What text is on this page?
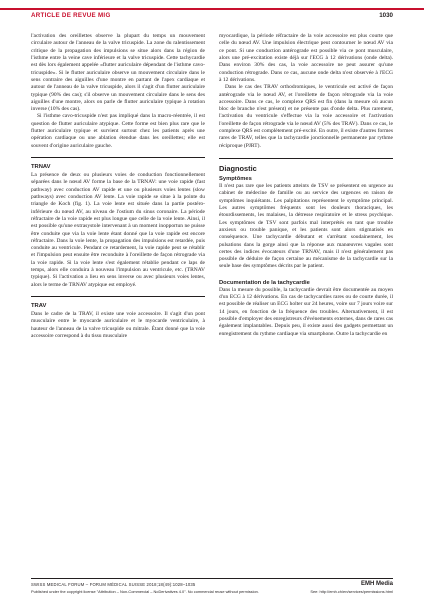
ARTICLE DE REVUE MIG	1030

l'activation des oreillettes observe la plupart du temps un mouvement circulaire autour de l'anneau de la valve tricuspide. La zone du ralentissement critique de la propagation des impulsions se situe alors dans la région de l'isthme entre la veine cave inférieure et la valve tricuspide. Cette tachycardie est dès lors également appelée «flutter auriculaire dépendant de l'isthme cavo-tricuspide». Si le flutter auriculaire observe un mouvement circulaire dans le sens contraire des aiguilles d'une montre en partant de l'apex cardiaque et autour de l'anneau de la valve tricuspide, alors il s'agit d'un flutter auriculaire typique (90% des cas); s'il observe un mouvement circulaire dans le sens des aiguilles d'une montre, alors on parle de flutter auriculaire typique à rotation inverse (10% des cas).

Si l'isthme cavo-tricuspide n'est pas impliqué dans la macro-réentrée, il est question de flutter auriculaire atypique. Cette forme est bien plus rare que le flutter auriculaire typique et survient surtout chez les patients après une opération cardiaque ou une ablation étendue dans les oreillettes; elle est souvent d'origine auriculaire gauche.

TRNAV

La présence de deux ou plusieurs voies de conduction fonctionnellement séparées dans le nœud AV forme la base de la TRNAV: une voie rapide (fast pathway) avec conduction AV rapide et une ou plusieurs voies lentes (slow pathways) avec conduction AV lente. La voie rapide se situe à la pointe du triangle de Koch (fig. 1). La voie lente est située dans la partie postéro-inférieure du nœud AV, au niveau de l'ostium du sinus coronaire. La période réfractaire de la voie rapide est plus longue que celle de la voie lente. Ainsi, il est possible qu'une extrasystole intervenant à un moment inopportun ne puisse être conduite que via la voie lente étant donné que la voie rapide est encore réfractaire. Dans la voie lente, la propagation des impulsions est retardée, puis conduite au ventricule. Pendant ce retardement, la voie rapide peut se rétablir et l'impulsion peut ensuite être reconduite à l'oreillette de façon rétrograde via la voie rapide. Si la voie lente s'est également rétablie pendant ce laps de temps, alors elle conduira à nouveau l'impulsion au ventricule, etc. (TRNAV typique). Si l'activation a lieu en sens inverse ou avec plusieurs voies lentes, alors le terme de TRNAV atypique est employé.

TRAV

Dans le cadre de la TRAV, il existe une voie accessoire. Il s'agit d'un pont musculaire entre le myocarde auriculaire et le myocarde ventriculaire, à hauteur de l'anneau de la valve tricuspide ou mitrale. Étant donné que la voie accessoire correspond à du tissu musculaire

myocardique, la période réfractaire de la voie accessoire est plus courte que celle du nœud AV. Une impulsion électrique peut contourner le nœud AV via ce pont. Si une conduction antérograde est possible via ce pont musculaire, alors une pré-excitation existe déjà sur l'ECG à 12 dérivations (onde delta). Dans environ 30% des cas, la voie accessoire ne peut assurer qu'une conduction rétrograde. Dans ce cas, aucune onde delta n'est observée à l'ECG à 12 dérivations.

Dans le cas des TRAV orthodromiques, le ventricule est activé de façon antérograde via le nœud AV, et l'oreillette de façon rétrograde via la voie accessoire. Dans ce cas, le complexe QRS est fin (dans la mesure où aucun bloc de branche n'est présent) et ne présente pas d'onde delta. Plus rarement, l'activation du ventricule s'effectue via la voie accessoire et l'activation l'oreillette de façon rétrograde via le nœud AV (5% des TRAV). Dans ce cas, le complexe QRS est complètement pré-excité. En outre, il existe d'autres formes rares de TRAV, telles que la tachycardie jonctionnelle permanente par rythme réciproque (PJRT).

Diagnostic
Symptômes

Il n'est pas rare que les patients atteints de TSV se présentent en urgence au cabinet de médecine de famille ou au service des urgences en raison de symptômes inquiétants. Les palpitations représentent le symptôme principal. Les autres symptômes fréquents sont les douleurs thoraciques, les étourdissements, les malaises, la détresse respiratoire et le stress psychique. Les symptômes de TSV sont parfois mal interprétés en tant que trouble anxieux ou trouble panique, et les patients sont alors stigmatisés en conséquence. Une tachycardie débutant et s'arrêtant soudainement, les pulsations dans la gorge ainsi que la réponse aux manœuvres vagales sont certes des indices évocateurs d'une TRNAV, mais il n'est généralement pas possible de déduire de façon certaine au mécanisme de la tachycardie sur la seule base des symptômes décrits par le patient.

Documentation de la tachycardie

Dans la mesure du possible, la tachycardie devrait être documentée au moyen d'un ECG à 12 dérivations. En cas de tachycardies rares ou de courte durée, il est possible de réaliser un ECG holter sur 24 heures, voire sur 7 jours voire sur 14 jours, en fonction de la fréquence des troubles. Alternativement, il est possible d'employer des enregistreurs d'événements externes, dans de rares cas également implantables. Depuis peu, il existe aussi des gadgets permettant un enregistrement du rythme cardiaque via smartphone. Outre la tachycardie en

SWISS MEDICAL FORUM – FORUM MÉDICAL SUISSE 2018;18(49):1028–1035	EMH Media
Published under the copyright license "Attribution – Non-Commercial – NoDerivatives 4.0". No commercial reuse without permission.	See: http://emh.ch/en/services/permissions.html
